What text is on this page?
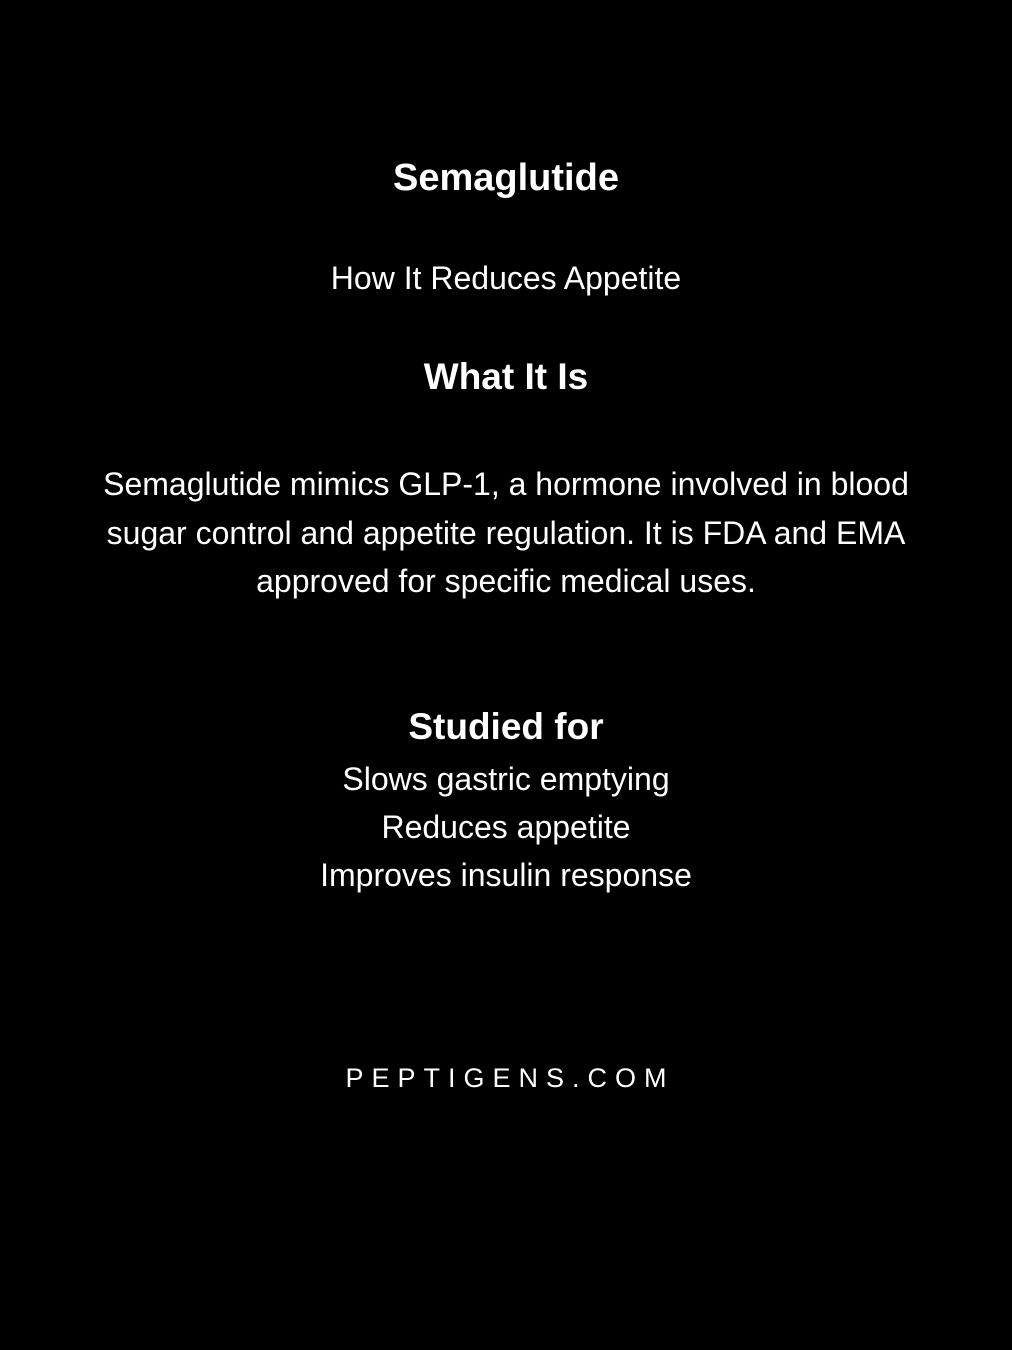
Semaglutide

How It Reduces Appetite

What It Is

Semaglutide mimics GLP-1, a hormone involved in blood sugar control and appetite regulation. It is FDA and EMA approved for specific medical uses.

Studied for
Slows gastric emptying
Reduces appetite
Improves insulin response

PEPTIGENS.COM
